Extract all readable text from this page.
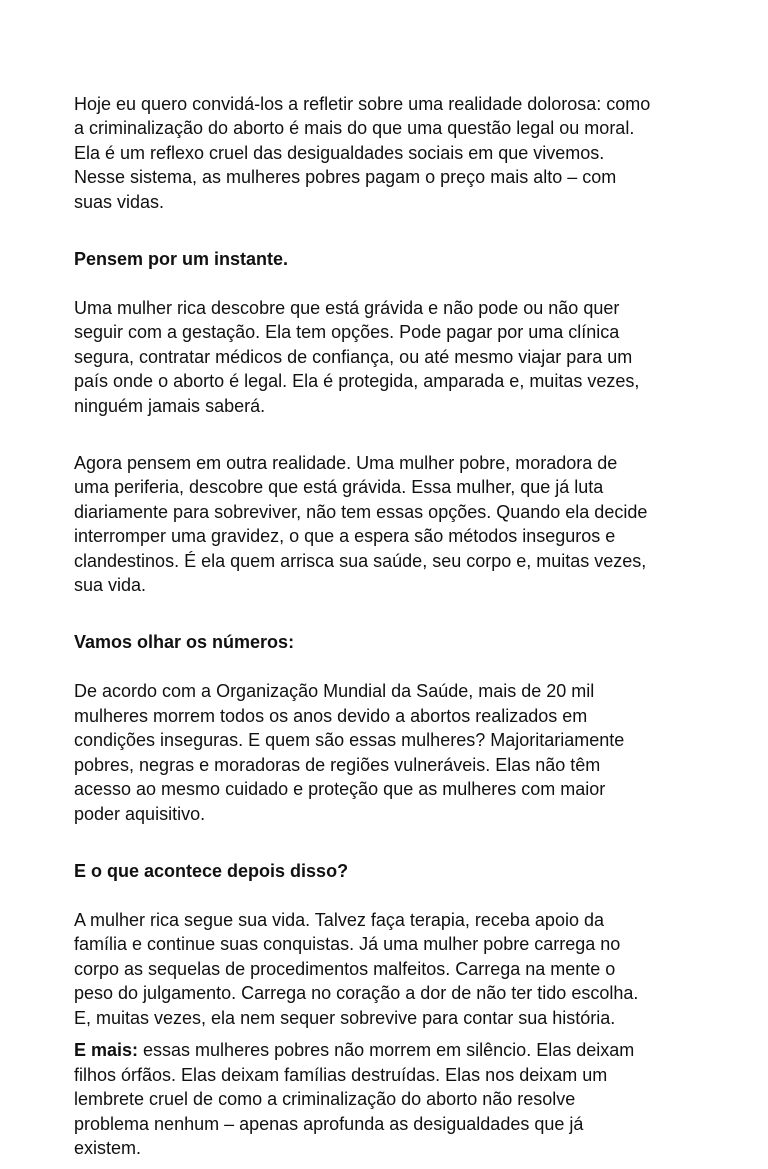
Hoje eu quero convidá-los a refletir sobre uma realidade dolorosa: como
a criminalização do aborto é mais do que uma questão legal ou moral.
Ela é um reflexo cruel das desigualdades sociais em que vivemos.
Nesse sistema, as mulheres pobres pagam o preço mais alto – com
suas vidas.

Pensem por um instante.

Uma mulher rica descobre que está grávida e não pode ou não quer
seguir com a gestação. Ela tem opções. Pode pagar por uma clínica
segura, contratar médicos de confiança, ou até mesmo viajar para um
país onde o aborto é legal. Ela é protegida, amparada e, muitas vezes,
ninguém jamais saberá.

Agora pensem em outra realidade. Uma mulher pobre, moradora de
uma periferia, descobre que está grávida. Essa mulher, que já luta
diariamente para sobreviver, não tem essas opções. Quando ela decide
interromper uma gravidez, o que a espera são métodos inseguros e
clandestinos. É ela quem arrisca sua saúde, seu corpo e, muitas vezes,
sua vida.

Vamos olhar os números:

De acordo com a Organização Mundial da Saúde, mais de 20 mil
mulheres morrem todos os anos devido a abortos realizados em
condições inseguras. E quem são essas mulheres? Majoritariamente
pobres, negras e moradoras de regiões vulneráveis. Elas não têm
acesso ao mesmo cuidado e proteção que as mulheres com maior
poder aquisitivo.

E o que acontece depois disso?

A mulher rica segue sua vida. Talvez faça terapia, receba apoio da
família e continue suas conquistas. Já uma mulher pobre carrega no
corpo as sequelas de procedimentos malfeitos. Carrega na mente o
peso do julgamento. Carrega no coração a dor de não ter tido escolha.
E, muitas vezes, ela nem sequer sobrevive para contar sua história.

E mais: essas mulheres pobres não morrem em silêncio. Elas deixam
filhos órfãos. Elas deixam famílias destruídas. Elas nos deixam um
lembrete cruel de como a criminalização do aborto não resolve
problema nenhum – apenas aprofunda as desigualdades que já
existem.
